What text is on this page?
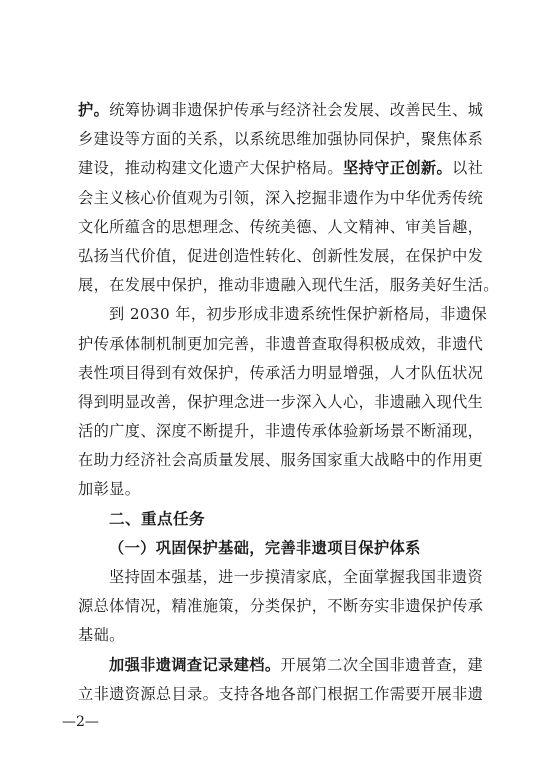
护。统筹协调非遗保护传承与经济社会发展、改善民生、城
乡建设等方面的关系，以系统思维加强协同保护，聚焦体系
建设，推动构建文化遗产大保护格局。坚持守正创新。以社
会主义核心价值观为引领，深入挖掘非遗作为中华优秀传统
文化所蕴含的思想理念、传统美德、人文精神、审美旨趣，
弘扬当代价值，促进创造性转化、创新性发展，在保护中发
展，在发展中保护，推动非遗融入现代生活，服务美好生活。
到 2030 年，初步形成非遗系统性保护新格局，非遗保
护传承体制机制更加完善，非遗普查取得积极成效，非遗代
表性项目得到有效保护，传承活力明显增强，人才队伍状况
得到明显改善，保护理念进一步深入人心，非遗融入现代生
活的广度、深度不断提升，非遗传承体验新场景不断涌现，
在助力经济社会高质量发展、服务国家重大战略中的作用更
加彰显。
二、重点任务
（一）巩固保护基础，完善非遗项目保护体系
坚持固本强基，进一步摸清家底，全面掌握我国非遗资
源总体情况，精准施策，分类保护，不断夯实非遗保护传承
基础。
加强非遗调查记录建档。开展第二次全国非遗普查，建
立非遗资源总目录。支持各地各部门根据工作需要开展非遗
—2—
